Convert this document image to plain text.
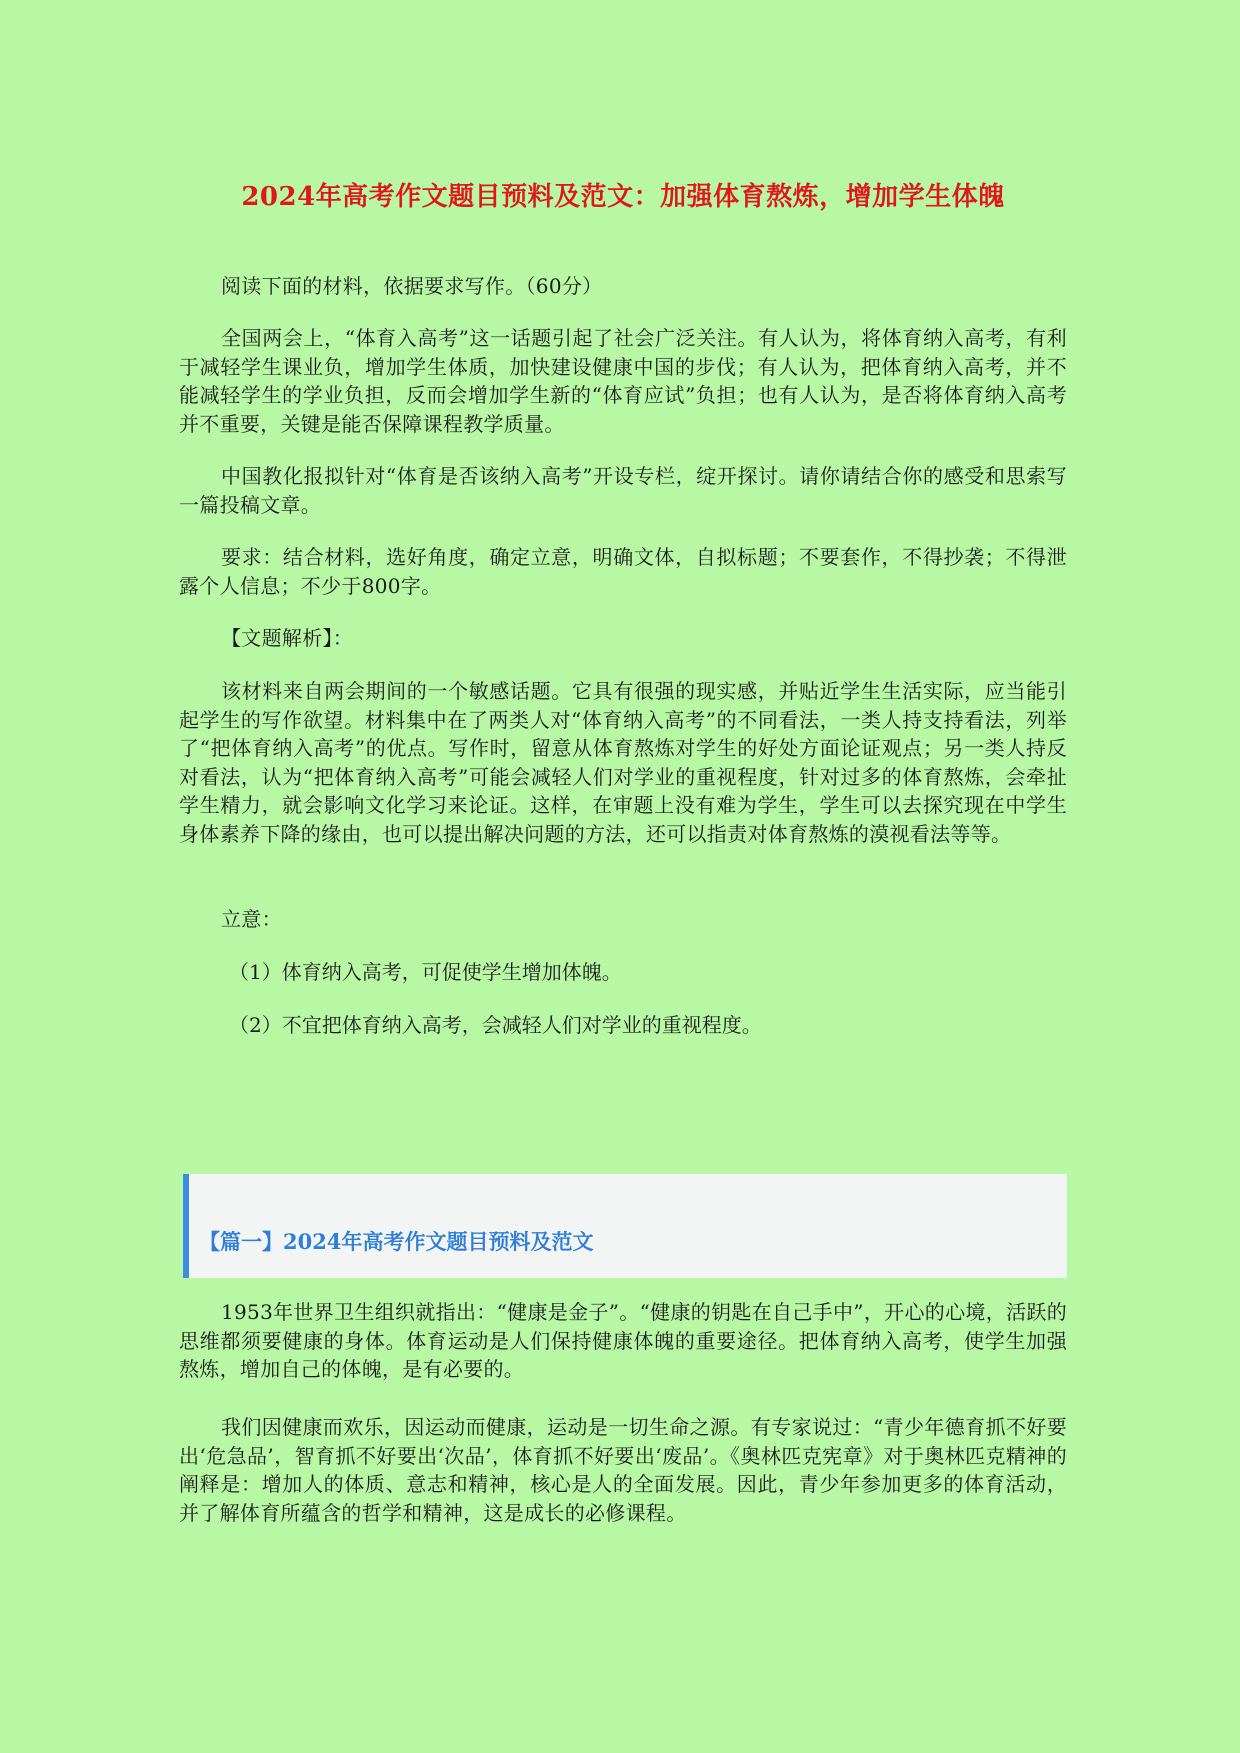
2024年高考作文题目预料及范文：加强体育熬炼，增加学生体魄
阅读下面的材料，依据要求写作。（60分）
全国两会上，“体育入高考”这一话题引起了社会广泛关注。有人认为，将体育纳入高考，有利于减轻学生课业负，增加学生体质，加快建设健康中国的步伐；有人认为，把体育纳入高考，并不能减轻学生的学业负担，反而会增加学生新的“体育应试”负担；也有人认为，是否将体育纳入高考并不重要，关键是能否保障课程教学质量。
中国教化报拟针对“体育是否该纳入高考”开设专栏，绽开探讨。请你请结合你的感受和思索写一篇投稿文章。
要求：结合材料，选好角度，确定立意，明确文体，自拟标题；不要套作，不得抄袭；不得泄露个人信息；不少于800字。
【文题解析】：
该材料来自两会期间的一个敏感话题。它具有很强的现实感，并贴近学生生活实际，应当能引起学生的写作欲望。材料集中在了两类人对“体育纳入高考”的不同看法，一类人持支持看法，列举了“把体育纳入高考”的优点。写作时，留意从体育熬炼对学生的好处方面论证观点；另一类人持反对看法，认为“把体育纳入高考”可能会减轻人们对学业的重视程度，针对过多的体育熬炼，会牵扯学生精力，就会影响文化学习来论证。这样，在审题上没有难为学生，学生可以去探究现在中学生身体素养下降的缘由，也可以提出解决问题的方法，还可以指责对体育熬炼的漠视看法等等。
立意：
（1）体育纳入高考，可促使学生增加体魄。
（2）不宜把体育纳入高考，会减轻人们对学业的重视程度。
1953年世界卫生组织就指出：“健康是金子”。“健康的钥匙在自己手中”，开心的心境，活跃的思维都须要健康的身体。体育运动是人们保持健康体魄的重要途径。把体育纳入高考，使学生加强熬炼，增加自己的体魄，是有必要的。
我们因健康而欢乐，因运动而健康，运动是一切生命之源。有专家说过：“青少年德育抓不好要出‘危急品’，智育抓不好要出‘次品’，体育抓不好要出‘废品’。《奥林匹克宪章》对于奥林匹克精神的阐释是：增加人的体质、意志和精神，核心是人的全面发展。因此，青少年参加更多的体育活动，并了解体育所蕴含的哲学和精神，这是成长的必修课程。
【篇一】2024年高考作文题目预料及范文
